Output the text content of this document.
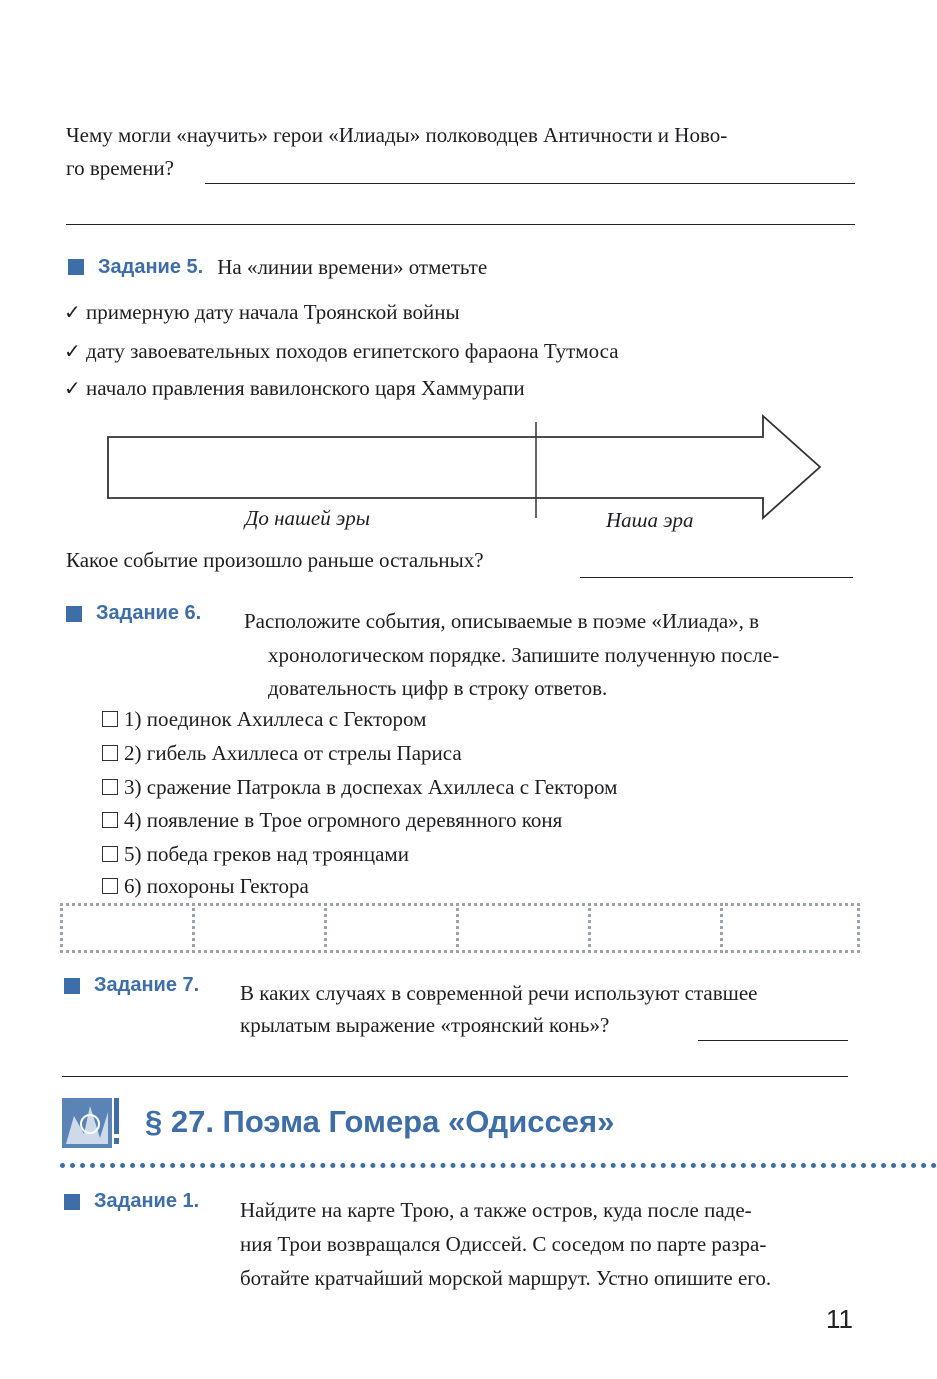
Чему могли «научить» герои «Илиады» полководцев Античности и Ново-
го времени?
Задание 5. На «линии времени» отметьте
✓ примерную дату начала Троянской войны
✓ дату завоевательных походов египетского фараона Тутмоса
✓ начало правления вавилонского царя Хаммурапи
До нашей эры	Наша эра
Какое событие произошло раньше остальных?
Задание 6. Расположите события, описываемые в поэме «Илиада», в
хронологическом порядке. Запишите полученную после-
довательность цифр в строку ответов.
1) поединок Ахиллеса с Гектором
2) гибель Ахиллеса от стрелы Париса
3) сражение Патрокла в доспехах Ахиллеса с Гектором
4) появление в Трое огромного деревянного коня
5) победа греков над троянцами
6) похороны Гектора
Задание 7. В каких случаях в современной речи используют ставшее
крылатым выражение «троянский конь»?
§ 27. Поэма Гомера «Одиссея»
Задание 1. Найдите на карте Трою, а также остров, куда после паде-
ния Трои возвращался Одиссей. С соседом по парте разра-
ботайте кратчайший морской маршрут. Устно опишите его.
11
